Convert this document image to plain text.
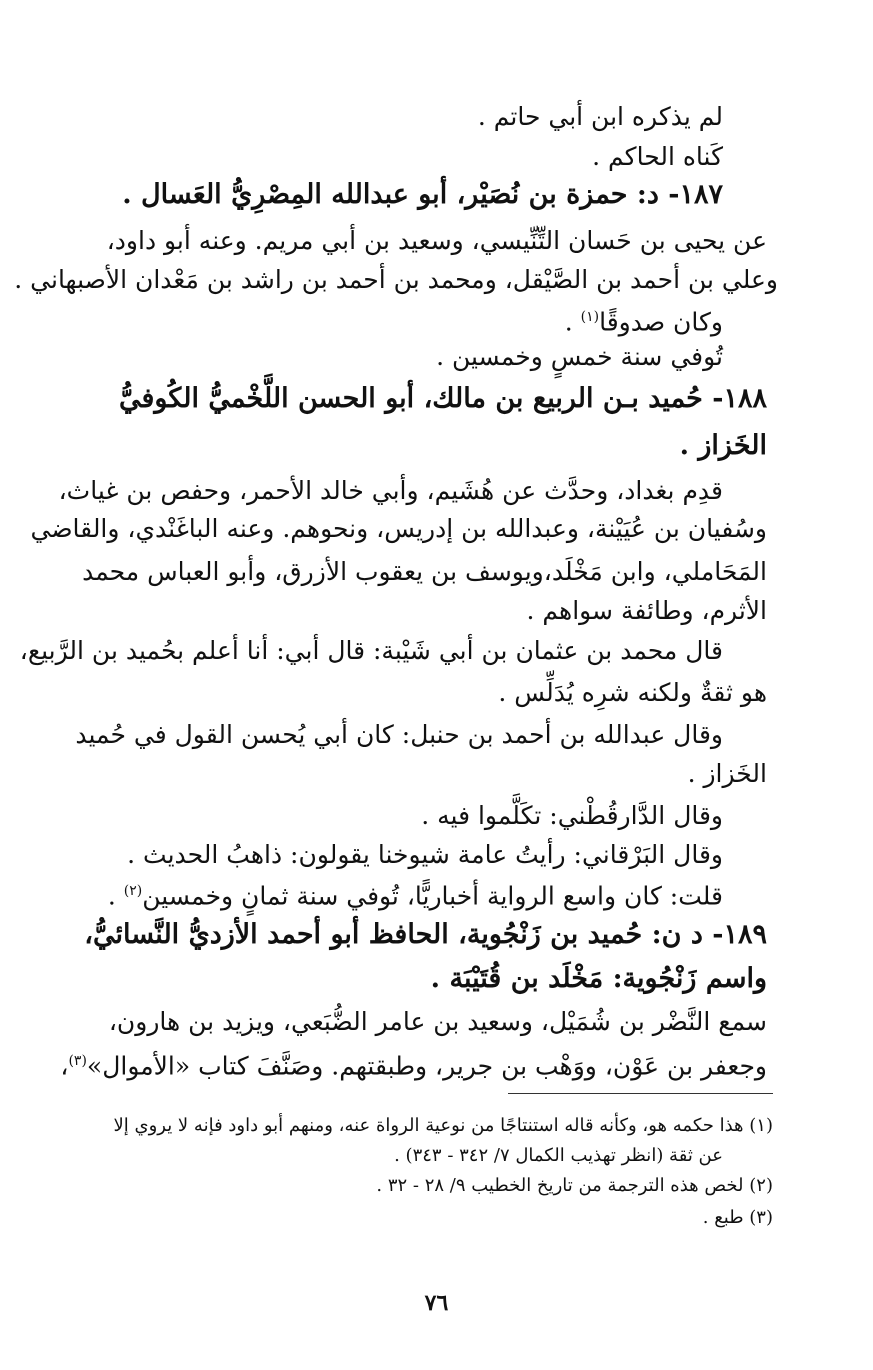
لم يذكره ابن أبي حاتم .
كَناه الحاكم .
١٨٧- د: حمزة بن نُصَيْر، أبو عبدالله المِصْرِيُّ العَسال .
عن يحيى بن حَسان التِّنِّيسي، وسعيد بن أبي مريم. وعنه أبو داود،
وعلي بن أحمد بن الصَّيْقل، ومحمد بن أحمد بن راشد بن مَعْدان الأصبهاني .
وكان صدوقًا$^{(١)}$ .
تُوفي سنة خمسٍ وخمسين .
١٨٨- حُميد بـن الربيع بن مالك، أبو الحسن اللَّخْميُّ الكُوفيُّ
الخَزاز .
قدِم بغداد، وحدَّث عن هُشَيم، وأبي خالد الأحمر، وحفص بن غياث،
وسُفيان بن عُيَيْنة، وعبدالله بن إدريس، ونحوهم. وعنه الباغَنْدي، والقاضي
المَحَاملي، وابن مَخْلَد،ويوسف بن يعقوب الأزرق، وأبو العباس محمد
الأثرم، وطائفة سواهم .
قال محمد بن عثمان بن أبي شَيْبة: قال أبي: أنا أعلم بحُميد بن الرَّبيع،
هو ثقةٌ ولكنه شرِه يُدَلِّس .
وقال عبدالله بن أحمد بن حنبل: كان أبي يُحسن القول في حُميد
الخَزاز .
وقال الدَّارقُطْني: تكَلَّموا فيه .
وقال البَرْقاني: رأيتُ عامة شيوخنا يقولون: ذاهبُ الحديث .
قلت: كان واسع الرواية أخباريًّا، تُوفي سنة ثمانٍ وخمسين$^{(٢)}$ .
١٨٩- د ن: حُميد بن زَنْجُوية، الحافظ أبو أحمد الأزديُّ النَّسائيُّ،
واسم زَنْجُوية: مَخْلَد بن قُتَيْبَة .
سمع النَّضْر بن شُمَيْل، وسعيد بن عامر الضُّبَعي، ويزيد بن هارون،
وجعفر بن عَوْن، ووَهْب بن جرير، وطبقتهم. وصَنَّفَ كتاب «الأموال»$^{(٣)}$،
(١) هذا حكمه هو، وكأنه قاله استنتاجًا من نوعية الرواة عنه، ومنهم أبو داود فإنه لا يروي إلا
عن ثقة (انظر تهذيب الكمال ٧/ ٣٤٢ - ٣٤٣) .
(٢) لخص هذه الترجمة من تاريخ الخطيب ٩/ ٢٨ - ٣٢ .
(٣) طبع .
٧٦
